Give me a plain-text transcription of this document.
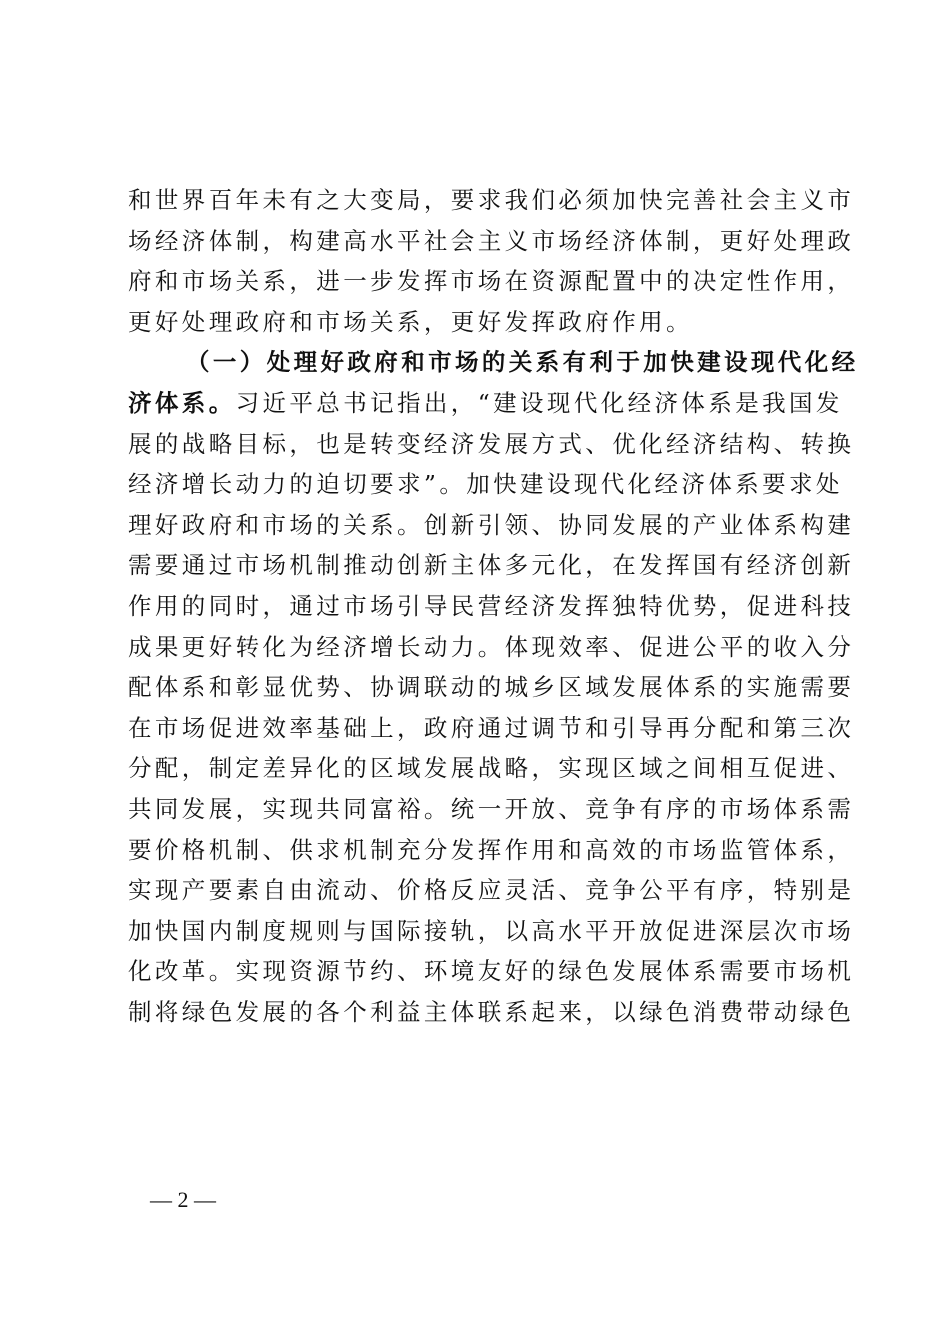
和世界百年未有之大变局，要求我们必须加快完善社会主义市
场经济体制，构建高水平社会主义市场经济体制，更好处理政
府和市场关系，进一步发挥市场在资源配置中的决定性作用，
更好处理政府和市场关系，更好发挥政府作用。
（一）处理好政府和市场的关系有利于加快建设现代化经
济体系。习近平总书记指出，“建设现代化经济体系是我国发
展的战略目标，也是转变经济发展方式、优化经济结构、转换
经济增长动力的迫切要求”。加快建设现代化经济体系要求处
理好政府和市场的关系。创新引领、协同发展的产业体系构建
需要通过市场机制推动创新主体多元化，在发挥国有经济创新
作用的同时，通过市场引导民营经济发挥独特优势，促进科技
成果更好转化为经济增长动力。体现效率、促进公平的收入分
配体系和彰显优势、协调联动的城乡区域发展体系的实施需要
在市场促进效率基础上，政府通过调节和引导再分配和第三次
分配，制定差异化的区域发展战略，实现区域之间相互促进、
共同发展，实现共同富裕。统一开放、竞争有序的市场体系需
要价格机制、供求机制充分发挥作用和高效的市场监管体系，
实现产要素自由流动、价格反应灵活、竞争公平有序，特别是
加快国内制度规则与国际接轨，以高水平开放促进深层次市场
化改革。实现资源节约、环境友好的绿色发展体系需要市场机
制将绿色发展的各个利益主体联系起来，以绿色消费带动绿色
— 2 —
